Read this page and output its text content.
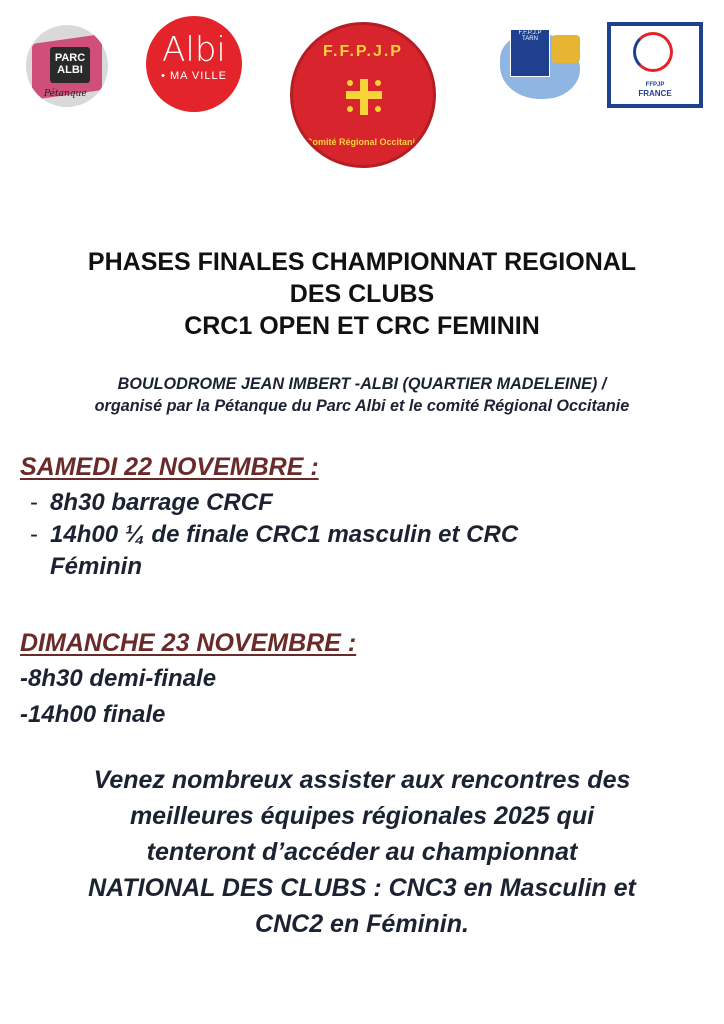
PARC
ALBI
Pétanque
Albi
• MA VILLE
F.F.P.J.P
Comité Régional Occitanie
F.F.P.J.P
TARN
FFPJP
FRANCE
PHASES FINALES CHAMPIONNAT REGIONAL
DES CLUBS
CRC1 OPEN ET CRC FEMININ
BOULODROME JEAN IMBERT -ALBI (QUARTIER MADELEINE) /
organisé par la Pétanque du Parc Albi et le comité Régional Occitanie
SAMEDI 22 NOVEMBRE :
- 8h30 barrage CRCF
- 14h00 ¼ de finale CRC1 masculin et CRC
Féminin
DIMANCHE 23 NOVEMBRE :
-8h30 demi-finale
-14h00 finale
Venez nombreux assister aux rencontres des
meilleures équipes régionales 2025 qui
tenteront d’accéder au championnat
NATIONAL DES CLUBS : CNC3 en Masculin et
CNC2 en Féminin.
